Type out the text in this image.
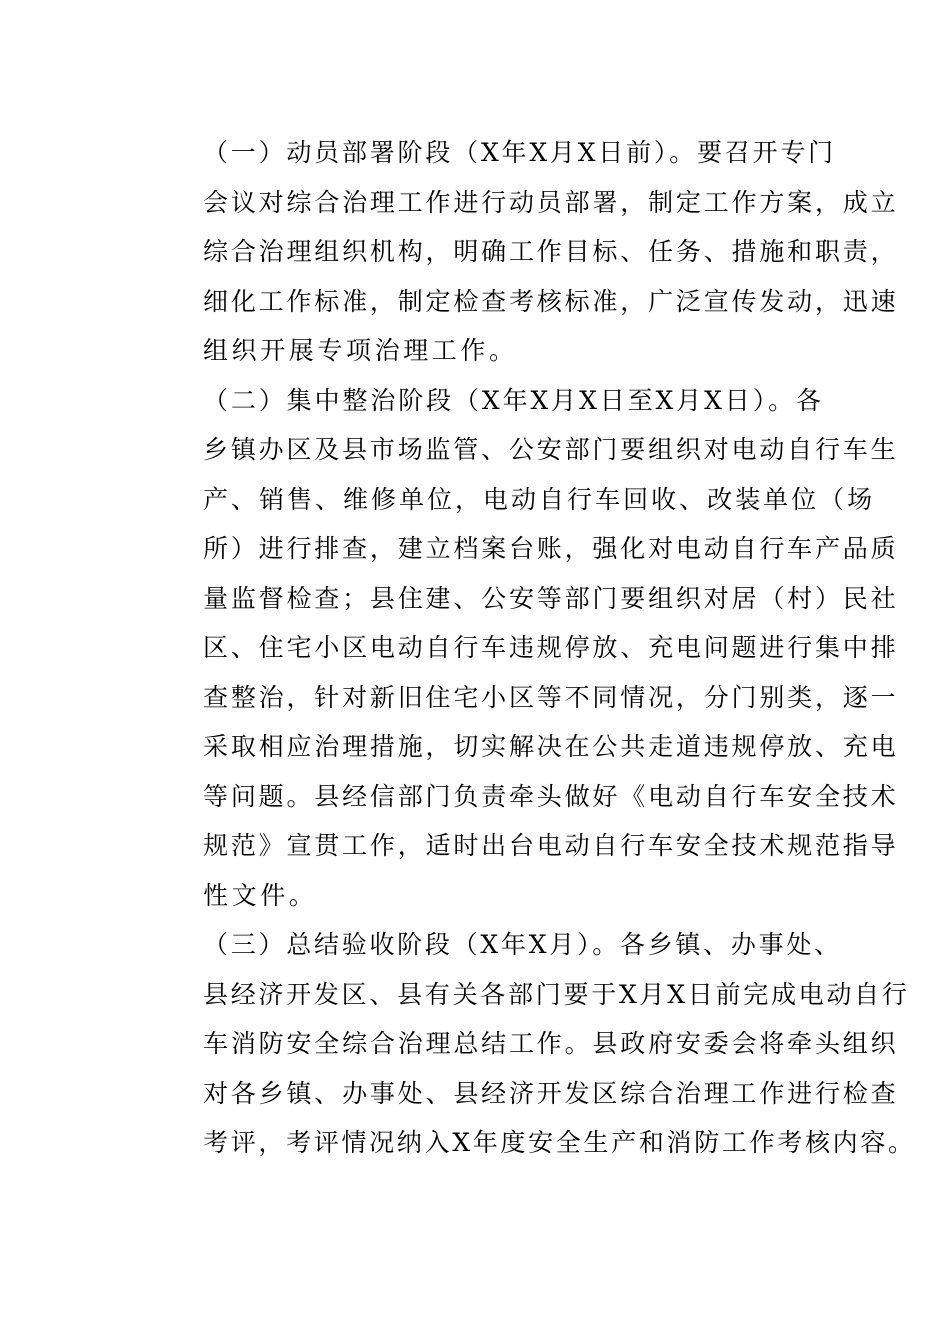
（一）动员部署阶段（X年X月X日前）。要召开专门
会议对综合治理工作进行动员部署，制定工作方案，成立
综合治理组织机构，明确工作目标、任务、措施和职责，
细化工作标准，制定检查考核标准，广泛宣传发动，迅速
组织开展专项治理工作。

（二）集中整治阶段（X年X月X日至X月X日）。各
乡镇办区及县市场监管、公安部门要组织对电动自行车生
产、销售、维修单位，电动自行车回收、改装单位（场
所）进行排查，建立档案台账，强化对电动自行车产品质
量监督检查；县住建、公安等部门要组织对居（村）民社
区、住宅小区电动自行车违规停放、充电问题进行集中排
查整治，针对新旧住宅小区等不同情况，分门别类，逐一
采取相应治理措施，切实解决在公共走道违规停放、充电
等问题。县经信部门负责牵头做好《电动自行车安全技术
规范》宣贯工作，适时出台电动自行车安全技术规范指导
性文件。

（三）总结验收阶段（X年X月）。各乡镇、办事处、
县经济开发区、县有关各部门要于X月X日前完成电动自行
车消防安全综合治理总结工作。县政府安委会将牵头组织
对各乡镇、办事处、县经济开发区综合治理工作进行检查
考评，考评情况纳入X年度安全生产和消防工作考核内容。
